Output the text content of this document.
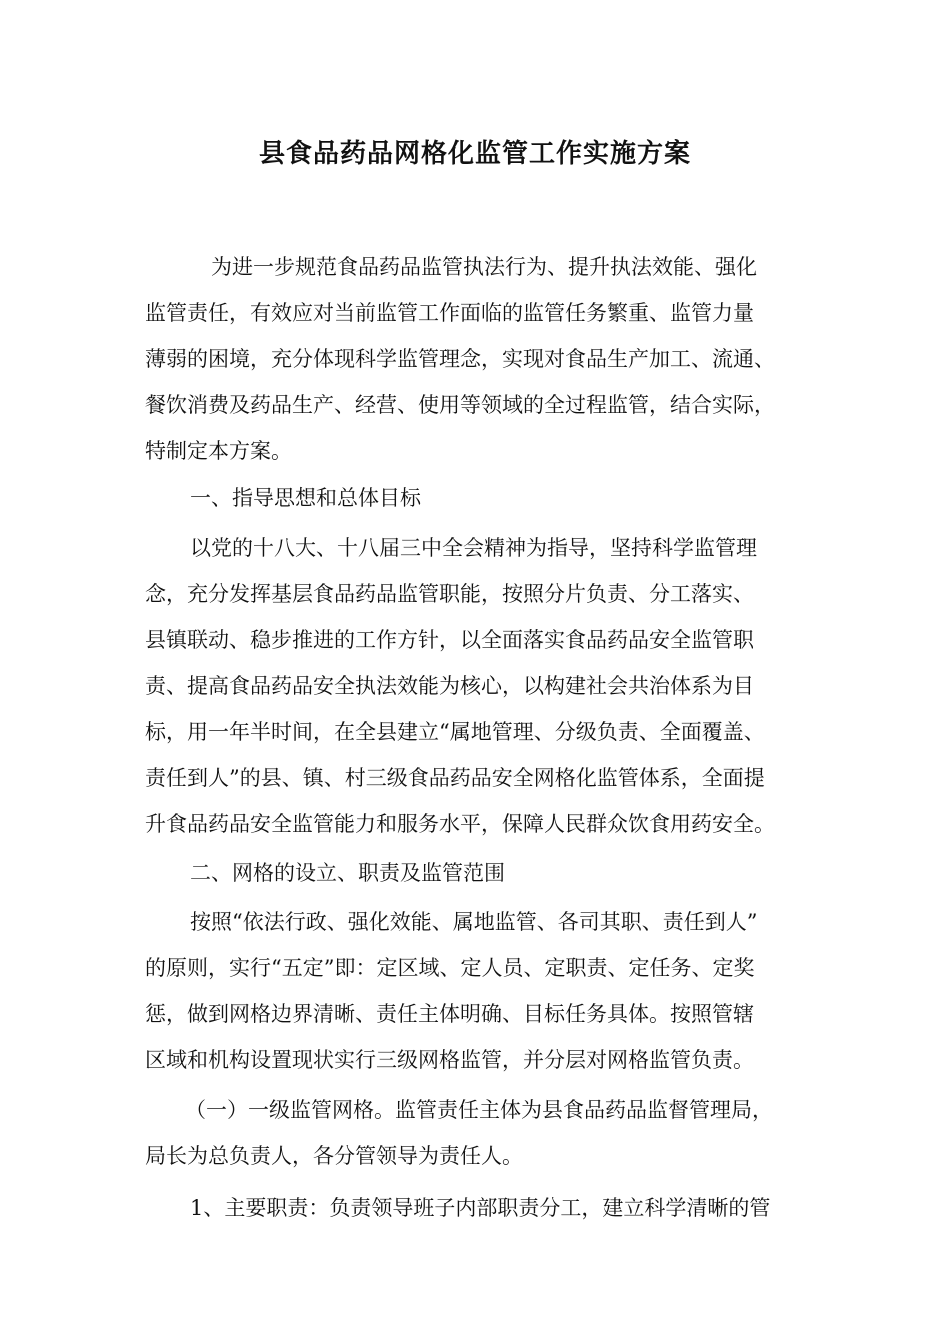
县食品药品网格化监管工作实施方案
为进一步规范食品药品监管执法行为、提升执法效能、强化
监管责任，有效应对当前监管工作面临的监管任务繁重、监管力量
薄弱的困境，充分体现科学监管理念，实现对食品生产加工、流通、
餐饮消费及药品生产、经营、使用等领域的全过程监管，结合实际，
特制定本方案。
一、指导思想和总体目标
以党的十八大、十八届三中全会精神为指导，坚持科学监管理
念，充分发挥基层食品药品监管职能，按照分片负责、分工落实、
县镇联动、稳步推进的工作方针，以全面落实食品药品安全监管职
责、提高食品药品安全执法效能为核心，以构建社会共治体系为目
标，用一年半时间，在全县建立“属地管理、分级负责、全面覆盖、
责任到人”的县、镇、村三级食品药品安全网格化监管体系，全面提
升食品药品安全监管能力和服务水平，保障人民群众饮食用药安全。
二、网格的设立、职责及监管范围
按照“依法行政、强化效能、属地监管、各司其职、责任到人”
的原则，实行“五定”即：定区域、定人员、定职责、定任务、定奖
惩，做到网格边界清晰、责任主体明确、目标任务具体。按照管辖
区域和机构设置现状实行三级网格监管，并分层对网格监管负责。
（一）一级监管网格。监管责任主体为县食品药品监督管理局，
局长为总负责人，各分管领导为责任人。
1、主要职责：负责领导班子内部职责分工，建立科学清晰的管
